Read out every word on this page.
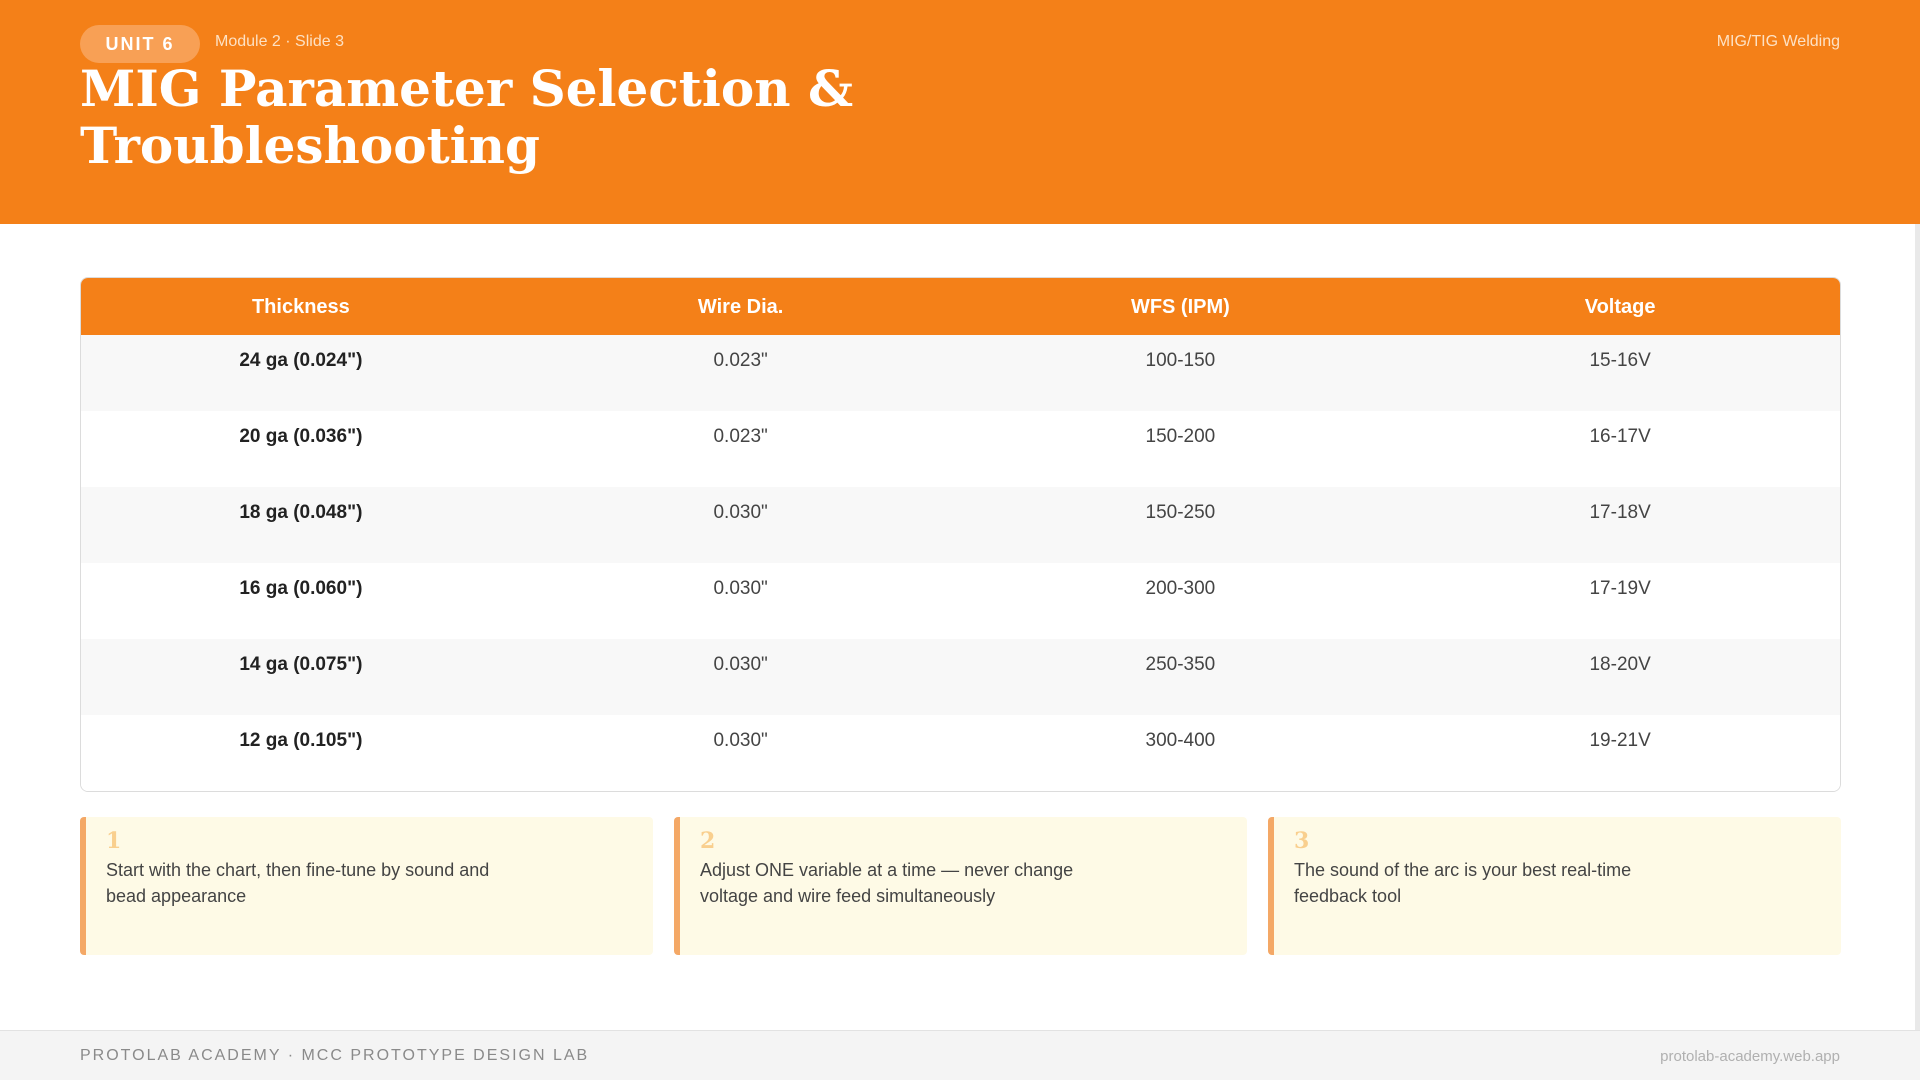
UNIT 6	Module 2 · Slide 3	MIG/TIG Welding
MIG Parameter Selection & Troubleshooting
Thickness	Wire Dia.	WFS (IPM)	Voltage
24 ga (0.024")	0.023"	100-150	15-16V
20 ga (0.036")	0.023"	150-200	16-17V
18 ga (0.048")	0.030"	150-250	17-18V
16 ga (0.060")	0.030"	200-300	17-19V
14 ga (0.075")	0.030"	250-350	18-20V
12 ga (0.105")	0.030"	300-400	19-21V
1
Start with the chart, then fine-tune by sound and bead appearance
2
Adjust ONE variable at a time — never change voltage and wire feed simultaneously
3
The sound of the arc is your best real-time feedback tool
PROTOLAB ACADEMY · MCC PROTOTYPE DESIGN LAB	protolab-academy.web.app
